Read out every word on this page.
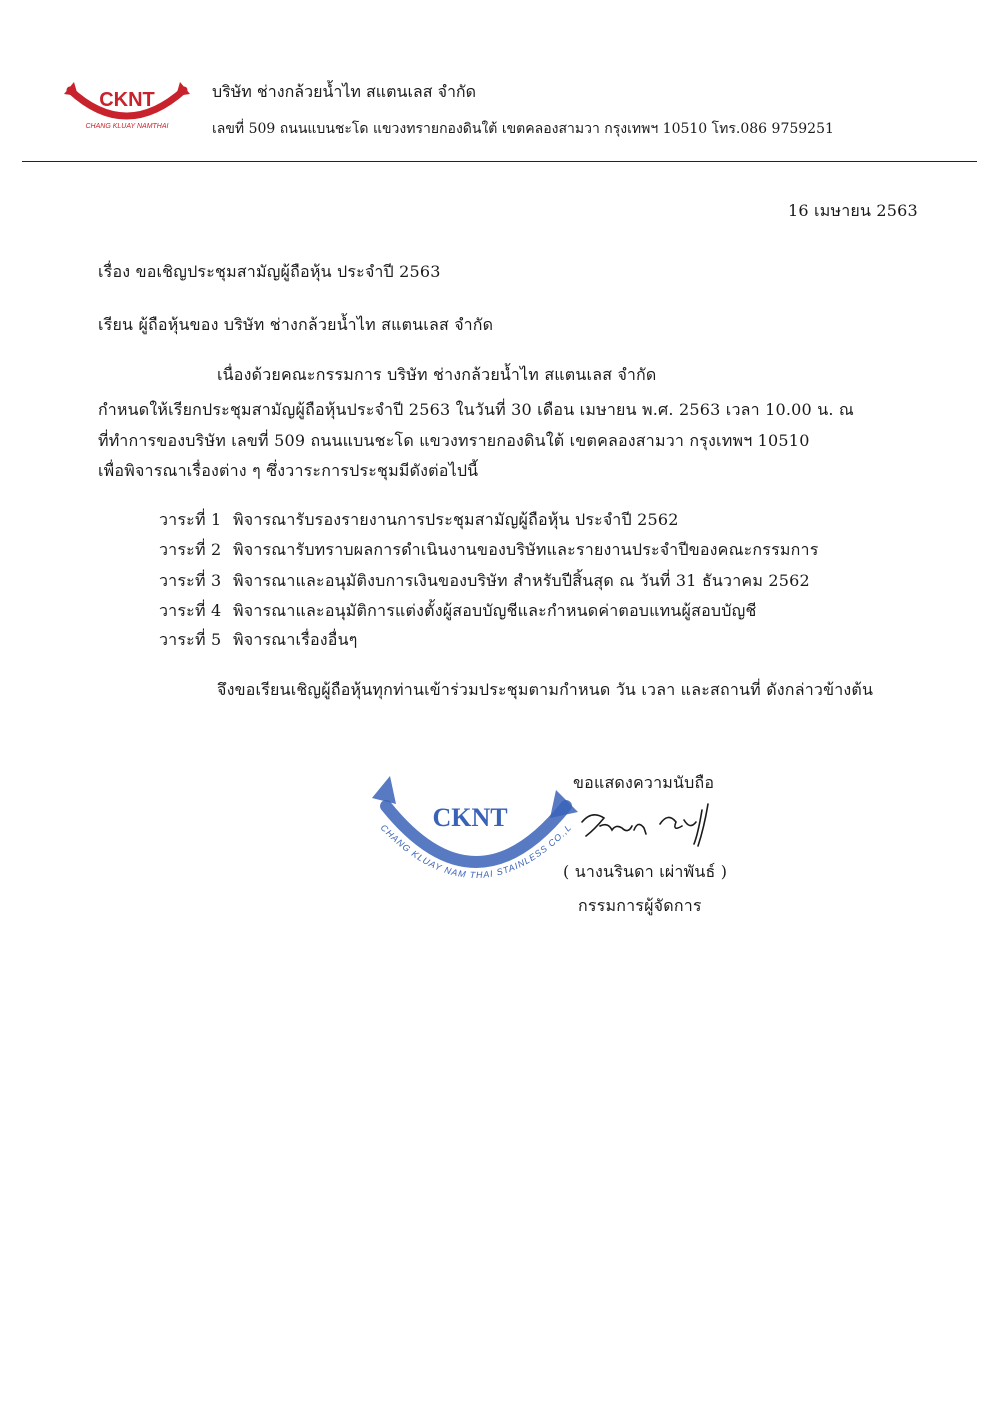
CKNT
CHANG KLUAY NAMTHAI
บริษัท ช่างกล้วยน้ำไท สแตนเลส จำกัด
เลขที่ 509 ถนนแบนชะโด แขวงทรายกองดินใต้ เขตคลองสามวา กรุงเทพฯ 10510 โทร.086 9759251
16 เมษายน 2563
เรื่อง ขอเชิญประชุมสามัญผู้ถือหุ้น ประจำปี 2563
เรียน ผู้ถือหุ้นของ บริษัท ช่างกล้วยน้ำไท สแตนเลส จำกัด
เนื่องด้วยคณะกรรมการ บริษัท ช่างกล้วยน้ำไท สแตนเลส จำกัด
กำหนดให้เรียกประชุมสามัญผู้ถือหุ้นประจำปี 2563 ในวันที่ 30 เดือน เมษายน พ.ศ. 2563 เวลา 10.00 น. ณ
ที่ทำการของบริษัท เลขที่ 509 ถนนแบนชะโด แขวงทรายกองดินใต้ เขตคลองสามวา กรุงเทพฯ 10510
เพื่อพิจารณาเรื่องต่าง ๆ ซึ่งวาระการประชุมมีดังต่อไปนี้
วาระที่ 1 พิจารณารับรองรายงานการประชุมสามัญผู้ถือหุ้น ประจำปี 2562
วาระที่ 2 พิจารณารับทราบผลการดำเนินงานของบริษัทและรายงานประจำปีของคณะกรรมการ
วาระที่ 3 พิจารณาและอนุมัติงบการเงินของบริษัท สำหรับปีสิ้นสุด ณ วันที่ 31 ธันวาคม 2562
วาระที่ 4 พิจารณาและอนุมัติการแต่งตั้งผู้สอบบัญชีและกำหนดค่าตอบแทนผู้สอบบัญชี
วาระที่ 5 พิจารณาเรื่องอื่นๆ
จึงขอเรียนเชิญผู้ถือหุ้นทุกท่านเข้าร่วมประชุมตามกำหนด วัน เวลา และสถานที่ ดังกล่าวข้างต้น
ขอแสดงความนับถือ
CKNT
CHANG KLUAY NAM THAI STAINLESS CO.,L
( นางนรินดา เผ่าพันธ์ )
กรรมการผู้จัดการ
